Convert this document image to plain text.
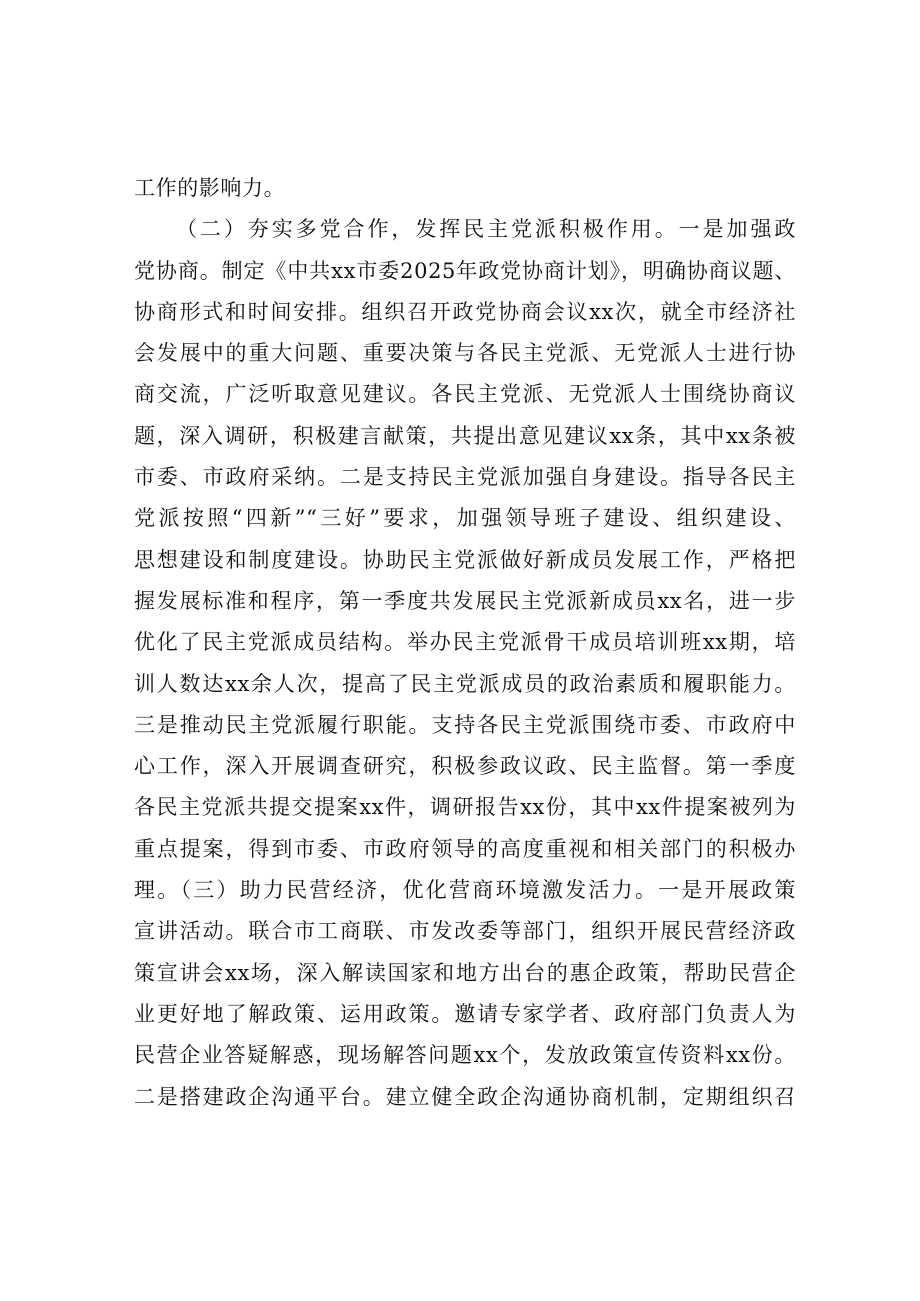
工作的影响力。
（二）夯实多党合作，发挥民主党派积极作用。一是加强政
党协商。制定《中共xx市委2025年政党协商计划》，明确协商议题、
协商形式和时间安排。组织召开政党协商会议xx次，就全市经济社
会发展中的重大问题、重要决策与各民主党派、无党派人士进行协
商交流，广泛听取意见建议。各民主党派、无党派人士围绕协商议
题，深入调研，积极建言献策，共提出意见建议xx条，其中xx条被
市委、市政府采纳。二是支持民主党派加强自身建设。指导各民主
党派按照“四新”“三好”要求，加强领导班子建设、组织建设、
思想建设和制度建设。协助民主党派做好新成员发展工作，严格把
握发展标准和程序，第一季度共发展民主党派新成员xx名，进一步
优化了民主党派成员结构。举办民主党派骨干成员培训班xx期，培
训人数达xx余人次，提高了民主党派成员的政治素质和履职能力。
三是推动民主党派履行职能。支持各民主党派围绕市委、市政府中
心工作，深入开展调查研究，积极参政议政、民主监督。第一季度
各民主党派共提交提案xx件，调研报告xx份，其中xx件提案被列为
重点提案，得到市委、市政府领导的高度重视和相关部门的积极办
理。（三）助力民营经济，优化营商环境激发活力。一是开展政策
宣讲活动。联合市工商联、市发改委等部门，组织开展民营经济政
策宣讲会xx场，深入解读国家和地方出台的惠企政策，帮助民营企
业更好地了解政策、运用政策。邀请专家学者、政府部门负责人为
民营企业答疑解惑，现场解答问题xx个，发放政策宣传资料xx份。
二是搭建政企沟通平台。建立健全政企沟通协商机制，定期组织召
